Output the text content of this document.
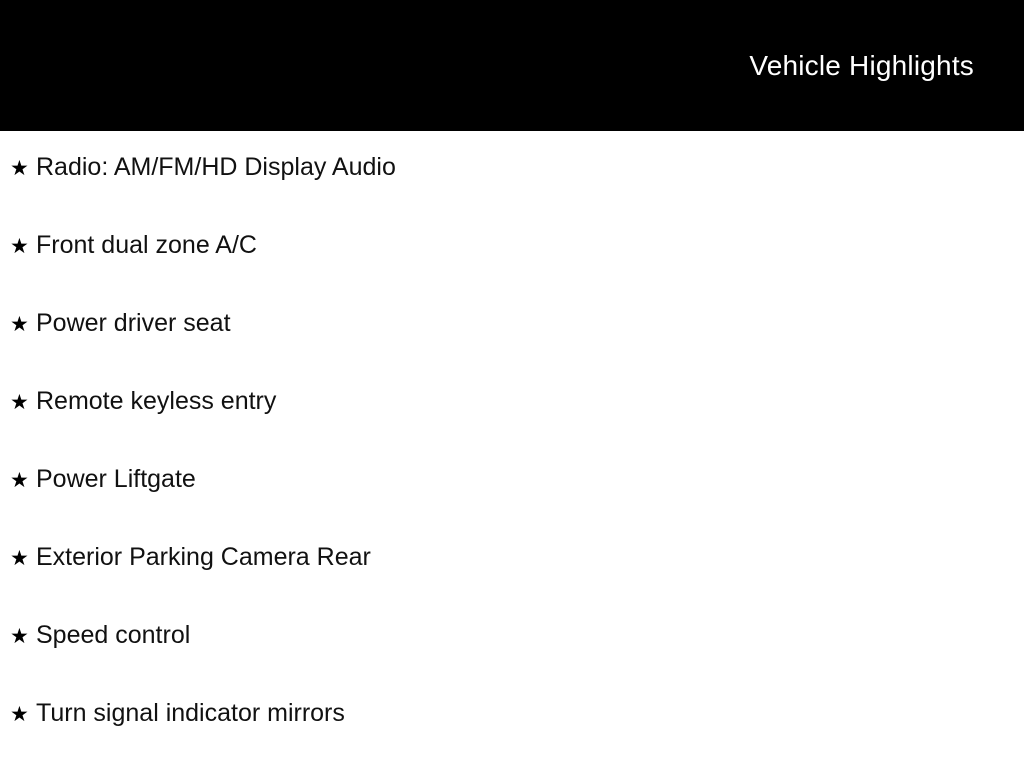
Vehicle Highlights
★ Radio: AM/FM/HD Display Audio
★ Front dual zone A/C
★ Power driver seat
★ Remote keyless entry
★ Power Liftgate
★ Exterior Parking Camera Rear
★ Speed control
★ Turn signal indicator mirrors
